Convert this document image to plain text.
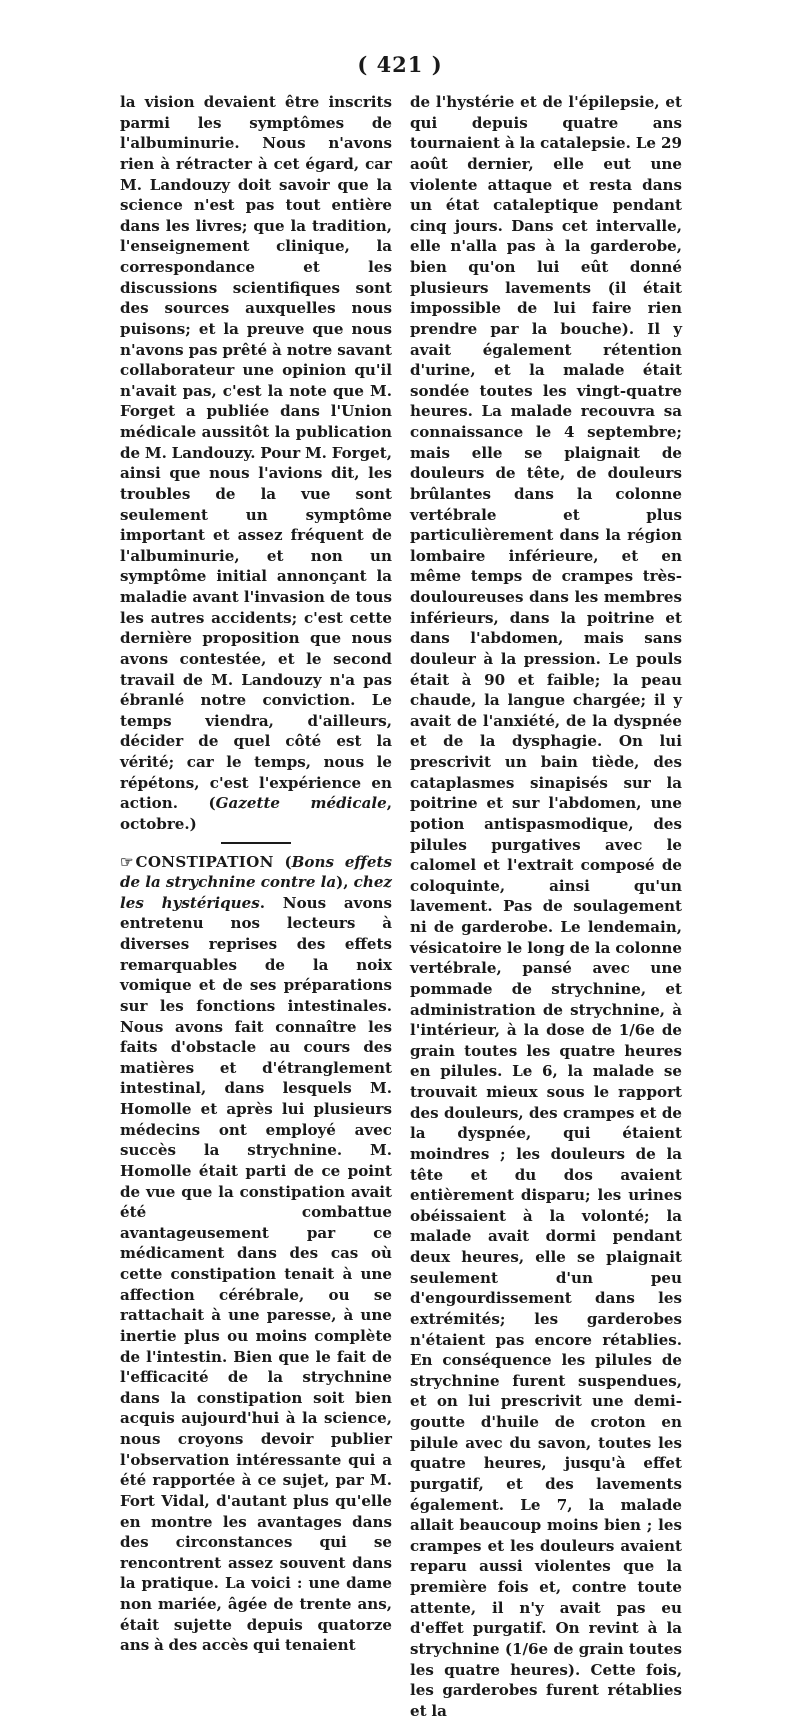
( 421 )

la vision devaient être inscrits parmi les symptômes de l'albuminurie. Nous n'avons rien à rétracter à cet égard, car M. Landouzy doit savoir que la science n'est pas tout entière dans les livres; que la tradition, l'enseignement clinique, la correspondance et les discussions scientifiques sont des sources auxquelles nous puisons; et la preuve que nous n'avons pas prêté à notre savant collaborateur une opinion qu'il n'avait pas, c'est la note que M. Forget a publiée dans l'Union médicale aussitôt la publication de M. Landouzy. Pour M. Forget, ainsi que nous l'avions dit, les troubles de la vue sont seulement un symptôme important et assez fréquent de l'albuminurie, et non un symptôme initial annonçant la maladie avant l'invasion de tous les autres accidents; c'est cette dernière proposition que nous avons contestée, et le second travail de M. Landouzy n'a pas ébranlé notre conviction. Le temps viendra, d'ailleurs, décider de quel côté est la vérité; car le temps, nous le répétons, c'est l'expérience en action. (Gazette médicale, octobre.)

☞ CONSTIPATION (Bons effets de la strychnine contre la), chez les hystériques. Nous avons entretenu nos lecteurs à diverses reprises des effets remarquables de la noix vomique et de ses préparations sur les fonctions intestinales. Nous avons fait connaître les faits d'obstacle au cours des matières et d'étranglement intestinal, dans lesquels M. Homolle et après lui plusieurs médecins ont employé avec succès la strychnine. M. Homolle était parti de ce point de vue que la constipation avait été combattue avantageusement par ce médicament dans des cas où cette constipation tenait à une affection cérébrale, ou se rattachait à une paresse, à une inertie plus ou moins complète de l'intestin. Bien que le fait de l'efficacité de la strychnine dans la constipation soit bien acquis aujourd'hui à la science, nous croyons devoir publier l'observation intéressante qui a été rapportée à ce sujet, par M. Fort Vidal, d'autant plus qu'elle en montre les avantages dans des circonstances qui se rencontrent assez souvent dans la pratique. La voici : une dame non mariée, âgée de trente ans, était sujette depuis quatorze ans à des accès qui tenaient

de l'hystérie et de l'épilepsie, et qui depuis quatre ans tournaient à la catalepsie. Le 29 août dernier, elle eut une violente attaque et resta dans un état cataleptique pendant cinq jours. Dans cet intervalle, elle n'alla pas à la garderobe, bien qu'on lui eût donné plusieurs lavements (il était impossible de lui faire rien prendre par la bouche). Il y avait également rétention d'urine, et la malade était sondée toutes les vingt-quatre heures. La malade recouvra sa connaissance le 4 septembre; mais elle se plaignait de douleurs de tête, de douleurs brûlantes dans la colonne vertébrale et plus particulièrement dans la région lombaire inférieure, et en même temps de crampes très-douloureuses dans les membres inférieurs, dans la poitrine et dans l'abdomen, mais sans douleur à la pression. Le pouls était à 90 et faible; la peau chaude, la langue chargée; il y avait de l'anxiété, de la dyspnée et de la dysphagie. On lui prescrivit un bain tiède, des cataplasmes sinapisés sur la poitrine et sur l'abdomen, une potion antispasmodique, des pilules purgatives avec le calomel et l'extrait composé de coloquinte, ainsi qu'un lavement. Pas de soulagement ni de garderobe. Le lendemain, vésicatoire le long de la colonne vertébrale, pansé avec une pommade de strychnine, et administration de strychnine, à l'intérieur, à la dose de 1/6e de grain toutes les quatre heures en pilules. Le 6, la malade se trouvait mieux sous le rapport des douleurs, des crampes et de la dyspnée, qui étaient moindres ; les douleurs de la tête et du dos avaient entièrement disparu; les urines obéissaient à la volonté; la malade avait dormi pendant deux heures, elle se plaignait seulement d'un peu d'engourdissement dans les extrémités; les garderobes n'étaient pas encore rétablies. En conséquence les pilules de strychnine furent suspendues, et on lui prescrivit une demi-goutte d'huile de croton en pilule avec du savon, toutes les quatre heures, jusqu'à effet purgatif, et des lavements également. Le 7, la malade allait beaucoup moins bien ; les crampes et les douleurs avaient reparu aussi violentes que la première fois et, contre toute attente, il n'y avait pas eu d'effet purgatif. On revint à la strychnine (1/6e de grain toutes les quatre heures). Cette fois, les garderobes furent rétablies et la
